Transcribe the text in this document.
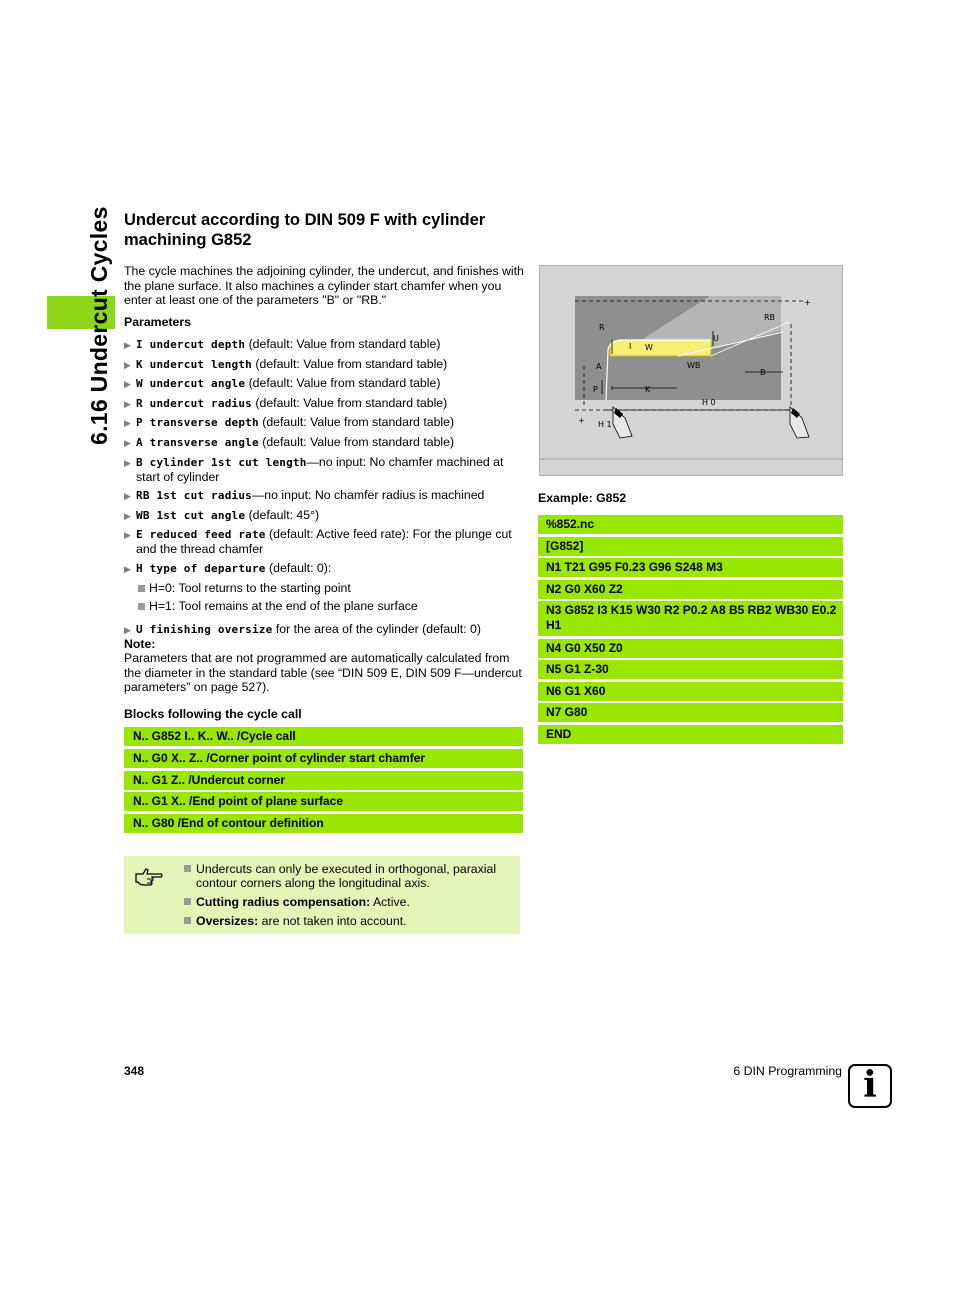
6.16 Undercut Cycles Undercut according to DIN 509 F with cylinder machining G852
The cycle machines the adjoining cylinder, the undercut, and finishes with the plane surface. It also machines a cylinder start chamfer when you enter at least one of the parameters "B" or "RB."
Parameters
▶ I undercut depth (default: Value from standard table)
▶ K undercut length (default: Value from standard table)
▶ W undercut angle (default: Value from standard table)
▶ R undercut radius (default: Value from standard table)
▶ P transverse depth (default: Value from standard table)
▶ A transverse angle (default: Value from standard table)
▶ B cylinder 1st cut length—no input: No chamfer machined at start of cylinder
▶ RB 1st cut radius—no input: No chamfer radius is machined
▶ WB 1st cut angle (default: 45°)
▶ E reduced feed rate (default: Active feed rate): For the plunge cut and the thread chamfer
▶ H type of departure (default: 0):
H=0: Tool returns to the starting point
H=1: Tool remains at the end of the plane surface
▶ U finishing oversize for the area of the cylinder (default: 0)
Note:
Parameters that are not programmed are automatically calculated from the diameter in the standard table (see “DIN 509 E, DIN 509 F—undercut parameters” on page 527).
Blocks following the cycle call
N.. G852 I.. K.. W.. /Cycle call
N.. G0 X.. Z.. /Corner point of cylinder start chamfer
N.. G1 Z.. /Undercut corner
N.. G1 X.. /End point of plane surface
N.. G80 /End of contour definition
Undercuts can only be executed in orthogonal, paraxial contour corners along the longitudinal axis.
Cutting radius compensation: Active.
Oversizes: are not taken into account.
R
I W
U
RB
A	WB
K
B
P
H 0
H 1
+
+
Example: G852
%852.nc
[G852]
N1 T21 G95 F0.23 G96 S248 M3
N2 G0 X60 Z2
N3 G852 I3 K15 W30 R2 P0.2 A8 B5 RB2 WB30 E0.2 H1
N4 G0 X50 Z0
N5 G1 Z-30
N6 G1 X60
N7 G80
END
348	6 DIN Programming i
